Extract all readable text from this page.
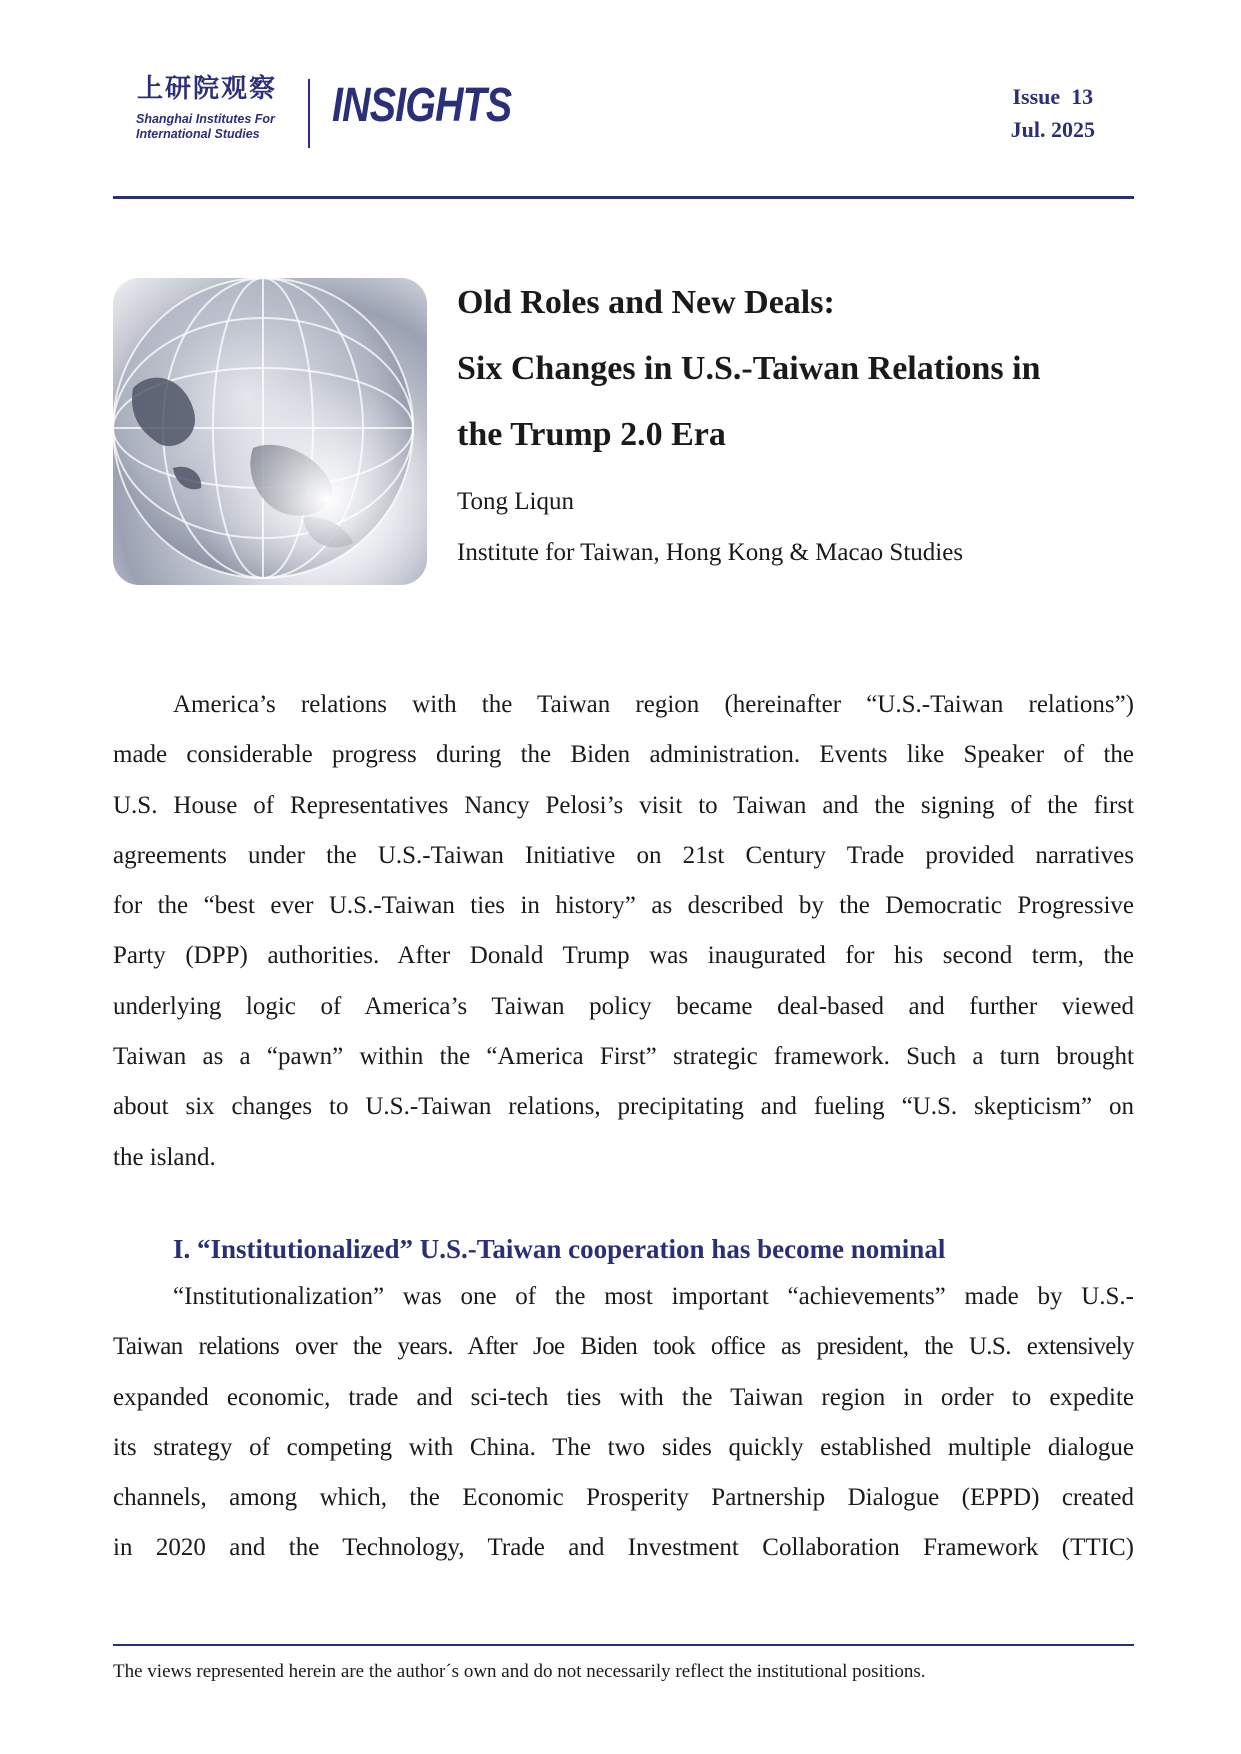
上研院观察
Shanghai Institutes For
International Studies
INSIGHTS	Issue  13
Jul. 2025
Old Roles and New Deals:
Six Changes in U.S.-Taiwan Relations in
the Trump 2.0 Era
Tong Liqun
Institute for Taiwan, Hong Kong & Macao Studies

America’s relations with the Taiwan region (hereinafter “U.S.-Taiwan relations”)
made considerable progress during the Biden administration. Events like Speaker of the
U.S. House of Representatives Nancy Pelosi’s visit to Taiwan and the signing of the first
agreements under the U.S.-Taiwan Initiative on 21st Century Trade provided narratives
for the “best ever U.S.-Taiwan ties in history” as described by the Democratic Progressive
Party (DPP) authorities. After Donald Trump was inaugurated for his second term, the
underlying logic of America’s Taiwan policy became deal-based and further viewed
Taiwan as a “pawn” within the “America First” strategic framework. Such a turn brought
about six changes to U.S.-Taiwan relations, precipitating and fueling “U.S. skepticism” on
the island.

I. “Institutionalized” U.S.-Taiwan cooperation has become nominal

“Institutionalization” was one of the most important “achievements” made by U.S.-
Taiwan relations over the years. After Joe Biden took office as president, the U.S. extensively
expanded economic, trade and sci-tech ties with the Taiwan region in order to expedite
its strategy of competing with China. The two sides quickly established multiple dialogue
channels, among which, the Economic Prosperity Partnership Dialogue (EPPD) created
in 2020 and the Technology, Trade and Investment Collaboration Framework (TTIC)

The views represented herein are the author´s own and do not necessarily reflect the institutional positions.
